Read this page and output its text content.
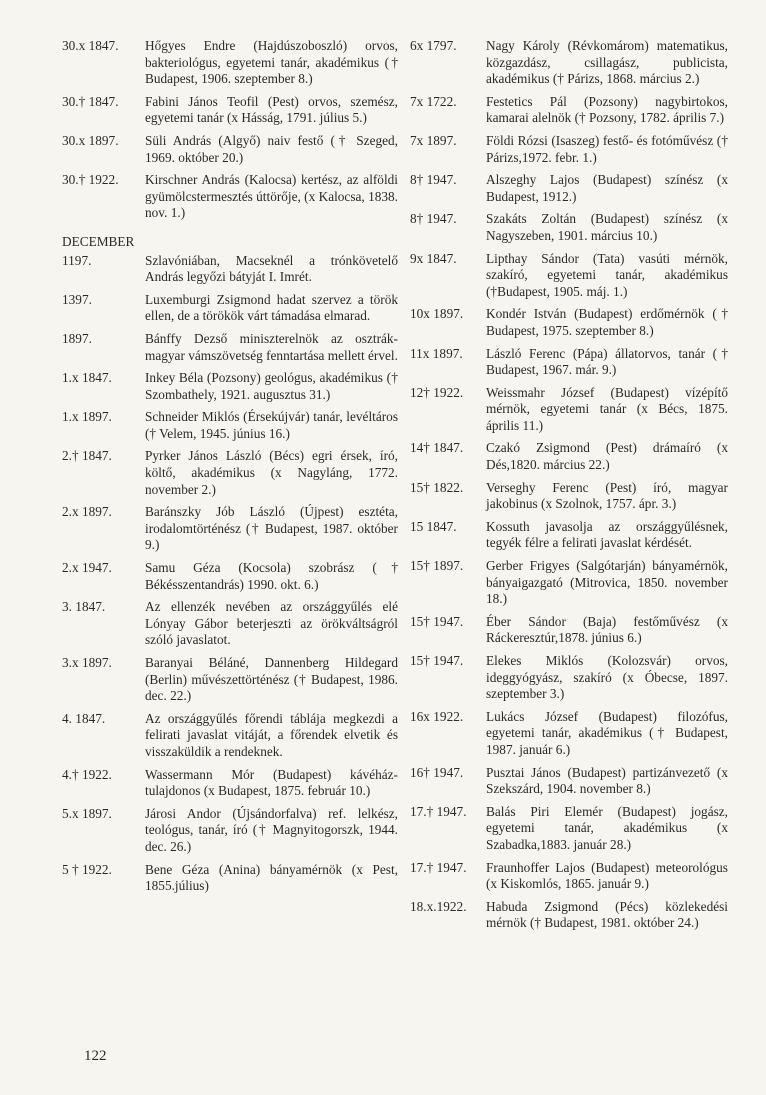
30.x 1847.	Hőgyes Endre (Hajdúszoboszló) orvos, bakteriológus, egyetemi tanár, akadémikus († Budapest, 1906. szeptember 8.)
30.† 1847.	Fabini János Teofil (Pest) orvos, szemész, egyetemi tanár (x Hásság, 1791. július 5.)
30.x 1897.	Süli András (Algyő) naiv festő († Szeged, 1969. október 20.)
30.† 1922.	Kirschner András (Kalocsa) kertész, az alföldi gyümölcstermesztés úttörője, (x Kalocsa, 1838. nov. 1.)
DECEMBER
1197.	Szlavóniában, Macseknél a trónkövetelő András legyőzi bátyját I. Imrét.
1397.	Luxemburgi Zsigmond hadat szervez a török ellen, de a törökök várt támadása elmarad.
1897.	Bánffy Dezső miniszterelnök az osztrák-magyar vámszövetség fenntartása mellett érvel.
1.x 1847.	Inkey Béla (Pozsony) geológus, akadémikus († Szombathely, 1921. augusztus 31.)
1.x 1897.	Schneider Miklós (Érsekújvár) tanár, levéltáros († Velem, 1945. június 16.)
2.† 1847.	Pyrker János László (Bécs) egri érsek, író, költő, akadémikus (x Nagyláng, 1772. november 2.)
2.x 1897.	Baránszky Jób László (Újpest) esztéta, irodalomtörténész († Budapest, 1987. október 9.)
2.x 1947.	Samu Géza (Kocsola) szobrász († Békésszentandrás) 1990. okt. 6.)
3. 1847.	Az ellenzék nevében az országgyűlés elé Lónyay Gábor beterjeszti az örökváltságról szóló javaslatot.
3.x 1897.	Baranyai Béláné, Dannenberg Hildegard (Berlin) művészettörténész († Budapest, 1986. dec. 22.)
4. 1847.	Az országgyűlés főrendi táblája megkezdi a felirati javaslat vitáját, a főrendek elvetik és visszaküldik a rendeknek.
4.† 1922.	Wassermann Mór (Budapest) kávéház-tulajdonos (x Budapest, 1875. február 10.)
5.x 1897.	Járosi Andor (Újsándorfalva) ref. lelkész, teológus, tanár, író († Magnyitogorszk, 1944. dec. 26.)
5 † 1922.	Bene Géza (Anina) bányamérnök (x Pest, 1855.július)
6x 1797.	Nagy Károly (Révkomárom) matematikus, közgazdász, csillagász, publicista, akadémikus († Párizs, 1868. március 2.)
7x 1722.	Festetics Pál (Pozsony) nagybirtokos, kamarai alelnök († Pozsony, 1782. április 7.)
7x 1897.	Földi Rózsi (Isaszeg) festő- és fotóművész († Párizs,1972. febr. 1.)
8† 1947.	Alszeghy Lajos (Budapest) színész (x Budapest, 1912.)
8† 1947.	Szakáts Zoltán (Budapest) színész (x Nagyszeben, 1901. március 10.)
9x 1847.	Lipthay Sándor (Tata) vasúti mérnök, szakíró, egyetemi tanár, akadémikus (†Budapest, 1905. máj. 1.)
10x 1897.	Kondér István (Budapest) erdőmérnök († Budapest, 1975. szeptember 8.)
11x 1897.	László Ferenc (Pápa) állatorvos, tanár († Budapest, 1967. már. 9.)
12† 1922.	Weissmahr József (Budapest) vízépítő mérnök, egyetemi tanár (x Bécs, 1875. április 11.)
14† 1847.	Czakó Zsigmond (Pest) drámaíró (x Dés,1820. március 22.)
15† 1822.	Verseghy Ferenc (Pest) író, magyar jakobinus (x Szolnok, 1757. ápr. 3.)
15 1847.	Kossuth javasolja az országgyűlésnek, tegyék félre a felirati javaslat kérdését.
15† 1897.	Gerber Frigyes (Salgótarján) bányamérnök, bányaigazgató (Mitrovica, 1850. november 18.)
15† 1947.	Éber Sándor (Baja) festőművész (x Ráckeresztúr,1878. június 6.)
15† 1947.	Elekes Miklós (Kolozsvár) orvos, ideggyógyász, szakíró (x Óbecse, 1897. szeptember 3.)
16x 1922.	Lukács József (Budapest) filozófus, egyetemi tanár, akadémikus († Budapest, 1987. január 6.)
16† 1947.	Pusztai János (Budapest) partizánvezető (x Szekszárd, 1904. november 8.)
17.† 1947.	Balás Piri Elemér (Budapest) jogász, egyetemi tanár, akadémikus (x Szabadka,1883. január 28.)
17.† 1947.	Fraunhoffer Lajos (Budapest) meteorológus (x Kiskomlós, 1865. január 9.)
18.x.1922.	Habuda Zsigmond (Pécs) közlekedési mérnök († Budapest, 1981. október 24.)
122
